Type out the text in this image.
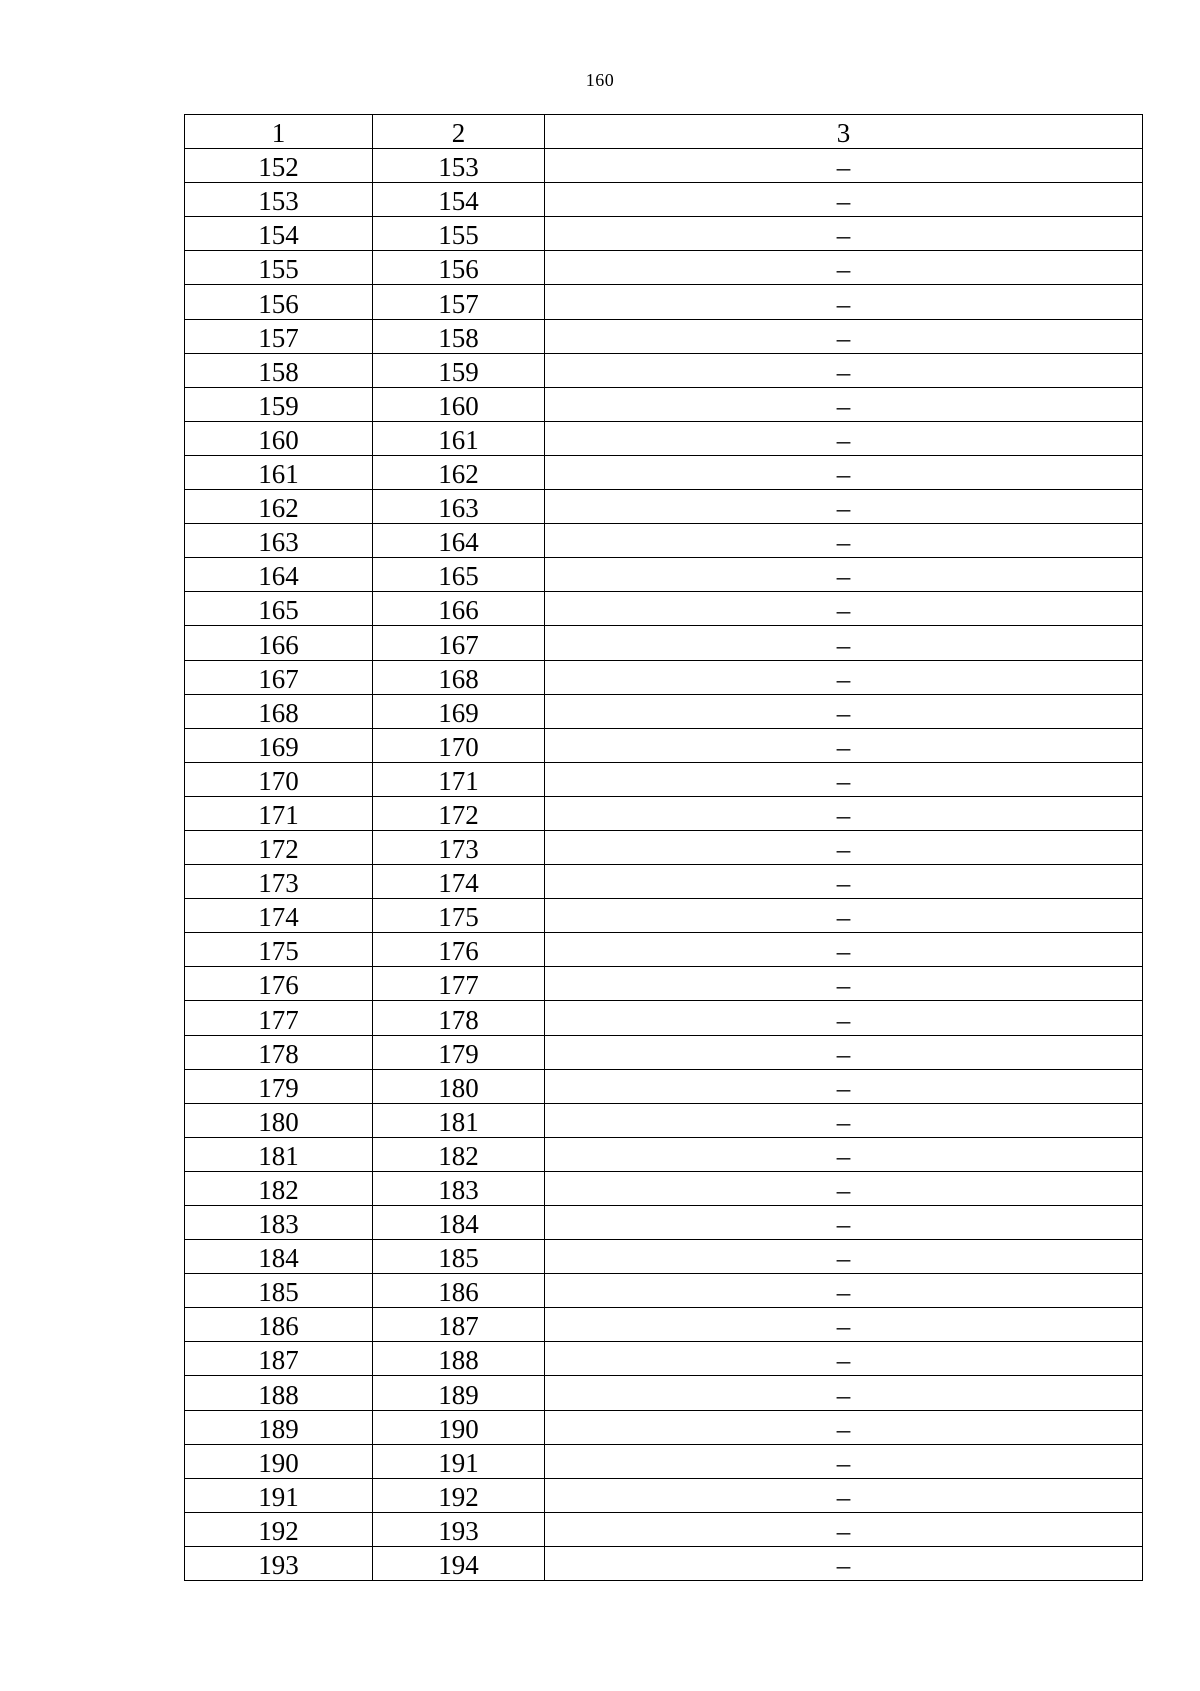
160
1	2	3
152	153	–
153	154	–
154	155	–
155	156	–
156	157	–
157	158	–
158	159	–
159	160	–
160	161	–
161	162	–
162	163	–
163	164	–
164	165	–
165	166	–
166	167	–
167	168	–
168	169	–
169	170	–
170	171	–
171	172	–
172	173	–
173	174	–
174	175	–
175	176	–
176	177	–
177	178	–
178	179	–
179	180	–
180	181	–
181	182	–
182	183	–
183	184	–
184	185	–
185	186	–
186	187	–
187	188	–
188	189	–
189	190	–
190	191	–
191	192	–
192	193	–
193	194	–
